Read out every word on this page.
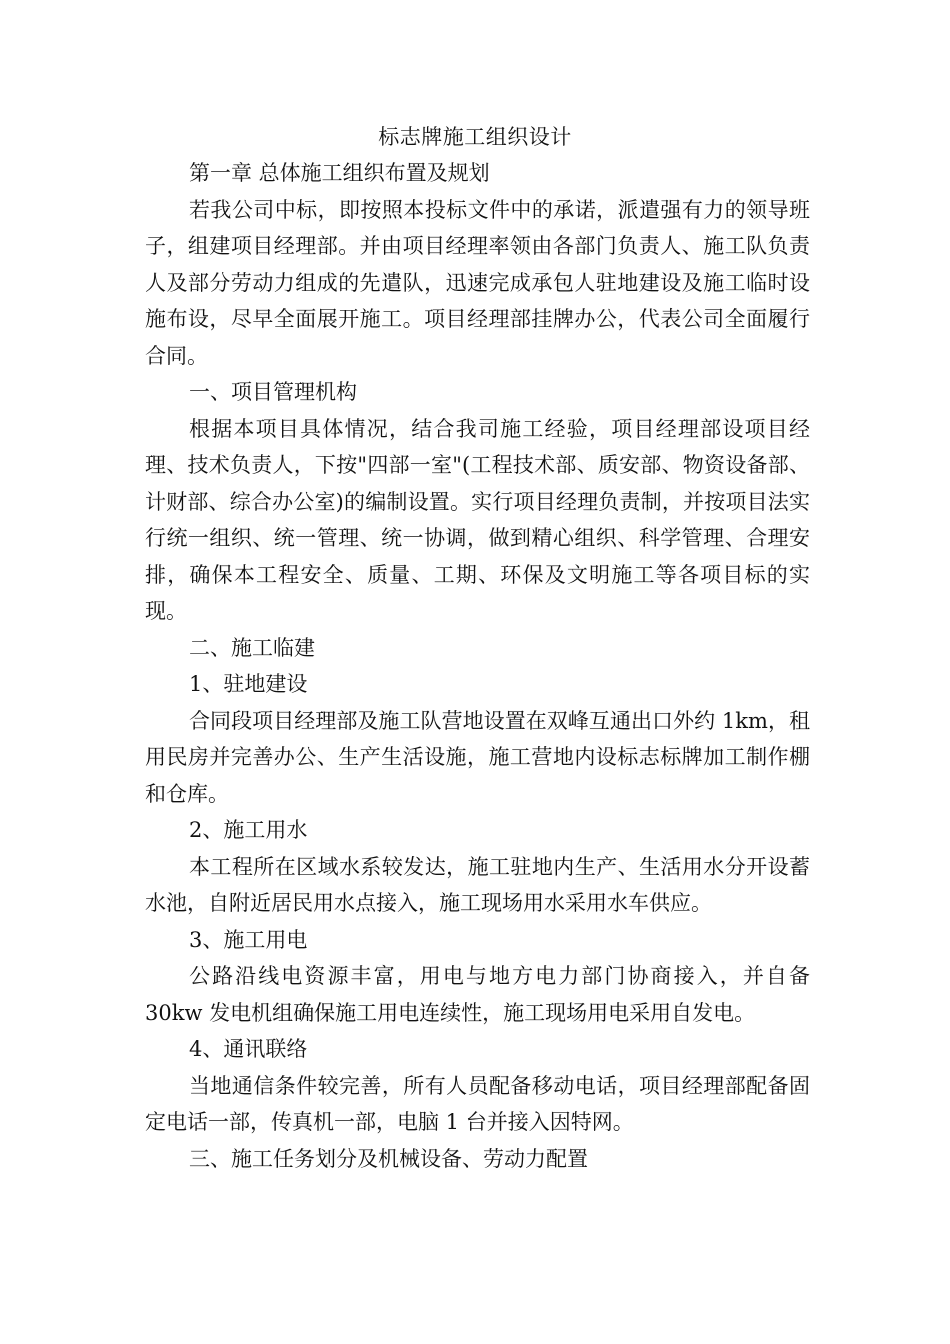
标志牌施工组织设计

第一章 总体施工组织布置及规划

若我公司中标，即按照本投标文件中的承诺，派遣强有力的领导班子，组建项目经理部。并由项目经理率领由各部门负责人、施工队负责人及部分劳动力组成的先遣队，迅速完成承包人驻地建设及施工临时设施布设，尽早全面展开施工。项目经理部挂牌办公，代表公司全面履行合同。

一、项目管理机构

根据本项目具体情况，结合我司施工经验，项目经理部设项目经理、技术负责人，下按"四部一室"(工程技术部、质安部、物资设备部、计财部、综合办公室)的编制设置。实行项目经理负责制，并按项目法实行统一组织、统一管理、统一协调，做到精心组织、科学管理、合理安排，确保本工程安全、质量、工期、环保及文明施工等各项目标的实现。

二、施工临建

1、驻地建设

合同段项目经理部及施工队营地设置在双峰互通出口外约 1km，租用民房并完善办公、生产生活设施，施工营地内设标志标牌加工制作棚和仓库。

2、施工用水

本工程所在区域水系较发达，施工驻地内生产、生活用水分开设蓄水池，自附近居民用水点接入，施工现场用水采用水车供应。

3、施工用电

公路沿线电资源丰富，用电与地方电力部门协商接入，并自备 30kw 发电机组确保施工用电连续性，施工现场用电采用自发电。

4、通讯联络

当地通信条件较完善，所有人员配备移动电话，项目经理部配备固定电话一部，传真机一部，电脑 1 台并接入因特网。

三、施工任务划分及机械设备、劳动力配置
